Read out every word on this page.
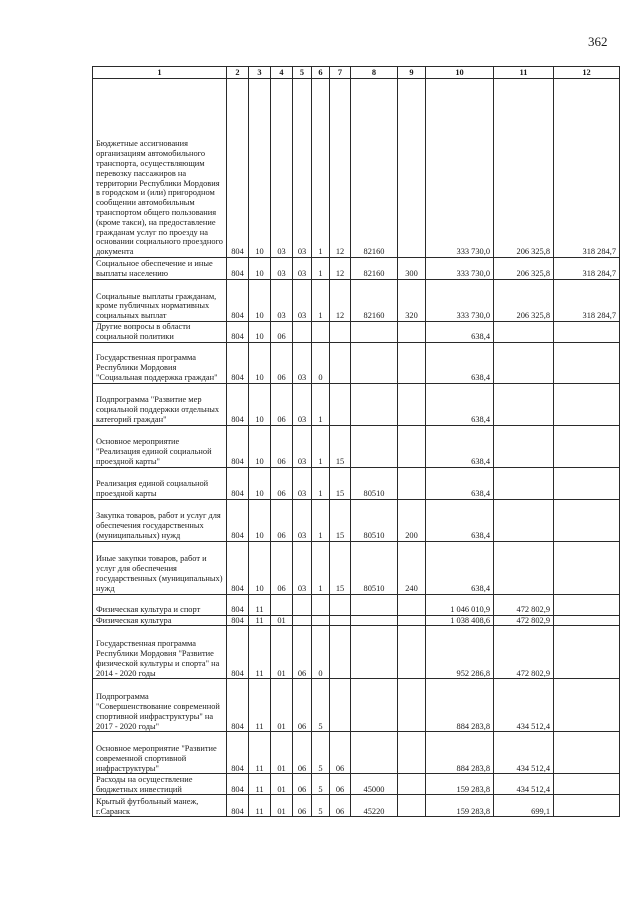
362
1	2	3	4	5	6	7	8	9	10	11	12
Бюджетные ассигнования организациям автомобильного транспорта, осуществляющим перевозку пассажиров на территории Республики Мордовия в городском и (или) пригородном сообщении автомобильным транспортом общего пользования (кроме такси), на предоставление гражданам услуг по проезду на основании социального проездного документа	804	10	03	03	1	12	82160		333 730,0	206 325,8	318 284,7
Социальное обеспечение и иные выплаты населению	804	10	03	03	1	12	82160	300	333 730,0	206 325,8	318 284,7
Социальные выплаты гражданам, кроме публичных нормативных социальных выплат	804	10	03	03	1	12	82160	320	333 730,0	206 325,8	318 284,7
Другие вопросы в области социальной политики	804	10	06						638,4		
Государственная программа Республики Мордовия "Социальная поддержка граждан"	804	10	06	03	0				638,4		
Подпрограмма "Развитие мер социальной поддержки отдельных категорий граждан"	804	10	06	03	1				638,4		
Основное мероприятие "Реализация единой социальной проездной карты"	804	10	06	03	1	15			638,4		
Реализация единой социальной проездной карты	804	10	06	03	1	15	80510		638,4		
Закупка товаров, работ и услуг для обеспечения государственных (муниципальных) нужд	804	10	06	03	1	15	80510	200	638,4		
Иные закупки товаров, работ и услуг для обеспечения государственных (муниципальных) нужд	804	10	06	03	1	15	80510	240	638,4		
Физическая культура и спорт	804	11							1 046 010,9	472 802,9	
Физическая культура	804	11	01						1 038 408,6	472 802,9	
Государственная программа Республики Мордовия "Развитие физической культуры и спорта" на 2014 - 2020 годы	804	11	01	06	0				952 286,8	472 802,9	
Подпрограмма "Совершенствование современной спортивной инфраструктуры" на 2017 - 2020 годы"	804	11	01	06	5				884 283,8	434 512,4	
Основное мероприятие "Развитие современной спортивной инфраструктуры"	804	11	01	06	5	06			884 283,8	434 512,4	
Расходы на осуществление бюджетных инвестиций	804	11	01	06	5	06	45000		159 283,8	434 512,4	
Крытый футбольный манеж, г.Саранск	804	11	01	06	5	06	45220		159 283,8	699,1	
